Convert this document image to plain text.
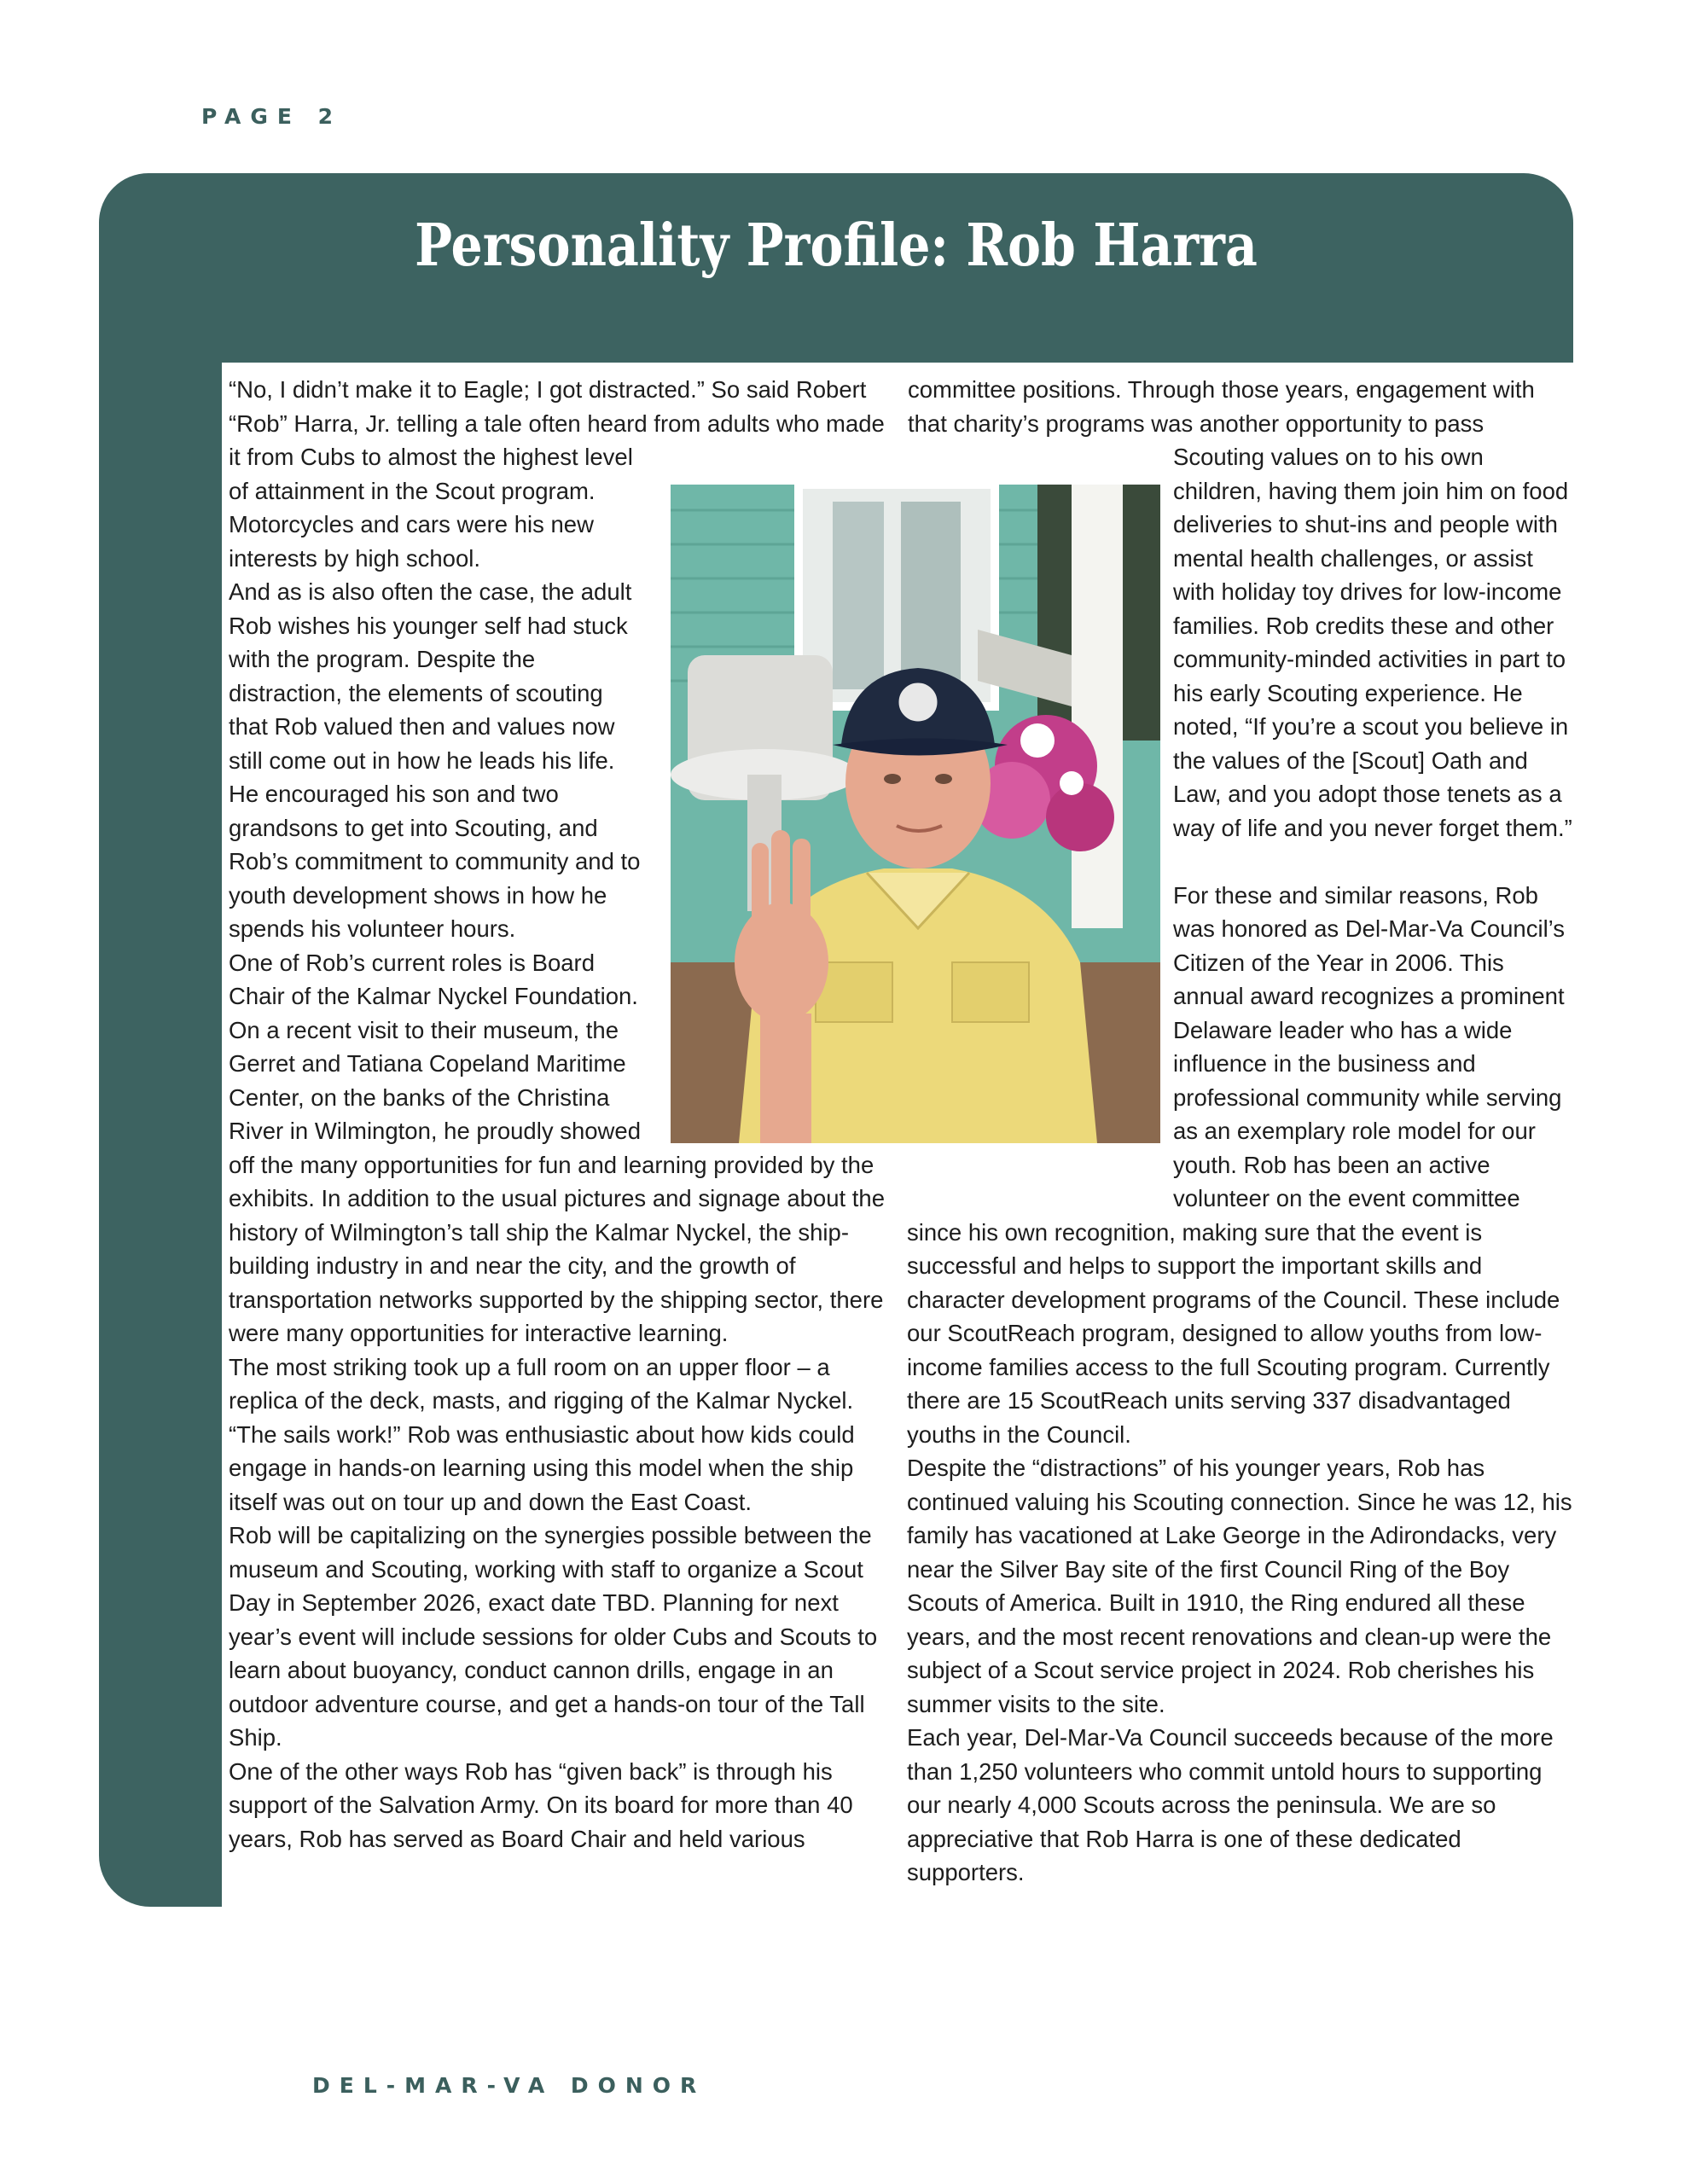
PAGE 2
Personality Profile: Rob Harra

“No, I didn’t make it to Eagle; I got distracted.” So said Robert “Rob” Harra, Jr. telling a tale often heard from adults who made it from Cubs to almost the highest level of attainment in the Scout program. Motorcycles and cars were his new interests by high school.

And as is also often the case, the adult Rob wishes his younger self had stuck with the program. Despite the distraction, the elements of scouting that Rob valued then and values now still come out in how he leads his life. He encouraged his son and two grandsons to get into Scouting, and Rob’s commitment to community and to youth development shows in how he spends his volunteer hours.

One of Rob’s current roles is Board Chair of the Kalmar Nyckel Foundation. On a recent visit to their museum, the Gerret and Tatiana Copeland Maritime Center, on the banks of the Christina River in Wilmington, he proudly showed off the many opportunities for fun and learning provided by the exhibits. In addition to the usual pictures and signage about the history of Wilmington’s tall ship the Kalmar Nyckel, the ship-building industry in and near the city, and the growth of transportation networks supported by the shipping sector, there were many opportunities for interactive learning.

The most striking took up a full room on an upper floor – a replica of the deck, masts, and rigging of the Kalmar Nyckel. “The sails work!” Rob was enthusiastic about how kids could engage in hands-on learning using this model when the ship itself was out on tour up and down the East Coast.

Rob will be capitalizing on the synergies possible between the museum and Scouting, working with staff to organize a Scout Day in September 2026, exact date TBD. Planning for next year’s event will include sessions for older Cubs and Scouts to learn about buoyancy, conduct cannon drills, engage in an outdoor adventure course, and get a hands-on tour of the Tall Ship.

One of the other ways Rob has “given back” is through his support of the Salvation Army. On its board for more than 40 years, Rob has served as Board Chair and held various

committee positions. Through those years, engagement with that charity’s programs was another opportunity to pass Scouting values on to his own children, having them join him on food deliveries to shut-ins and people with mental health challenges, or assist with holiday toy drives for low-income families. Rob credits these and other community-minded activities in part to his early Scouting experience. He noted, “If you’re a scout you believe in the values of the [Scout] Oath and Law, and you adopt those tenets as a way of life and you never forget them.”

For these and similar reasons, Rob was honored as Del-Mar-Va Council’s Citizen of the Year in 2006. This annual award recognizes a prominent Delaware leader who has a wide influence in the business and professional community while serving as an exemplary role model for our youth. Rob has been an active volunteer on the event committee since his own recognition, making sure that the event is successful and helps to support the important skills and character development programs of the Council. These include our ScoutReach program, designed to allow youths from low-income families access to the full Scouting program. Currently there are 15 ScoutReach units serving 337 disadvantaged youths in the Council.

Despite the “distractions” of his younger years, Rob has continued valuing his Scouting connection. Since he was 12, his family has vacationed at Lake George in the Adirondacks, very near the Silver Bay site of the first Council Ring of the Boy Scouts of America. Built in 1910, the Ring endured all these years, and the most recent renovations and clean-up were the subject of a Scout service project in 2024. Rob cherishes his summer visits to the site.

Each year, Del-Mar-Va Council succeeds because of the more than 1,250 volunteers who commit untold hours to supporting our nearly 4,000 Scouts across the peninsula. We are so appreciative that Rob Harra is one of these dedicated supporters.

DEL-MAR-VA DONOR
